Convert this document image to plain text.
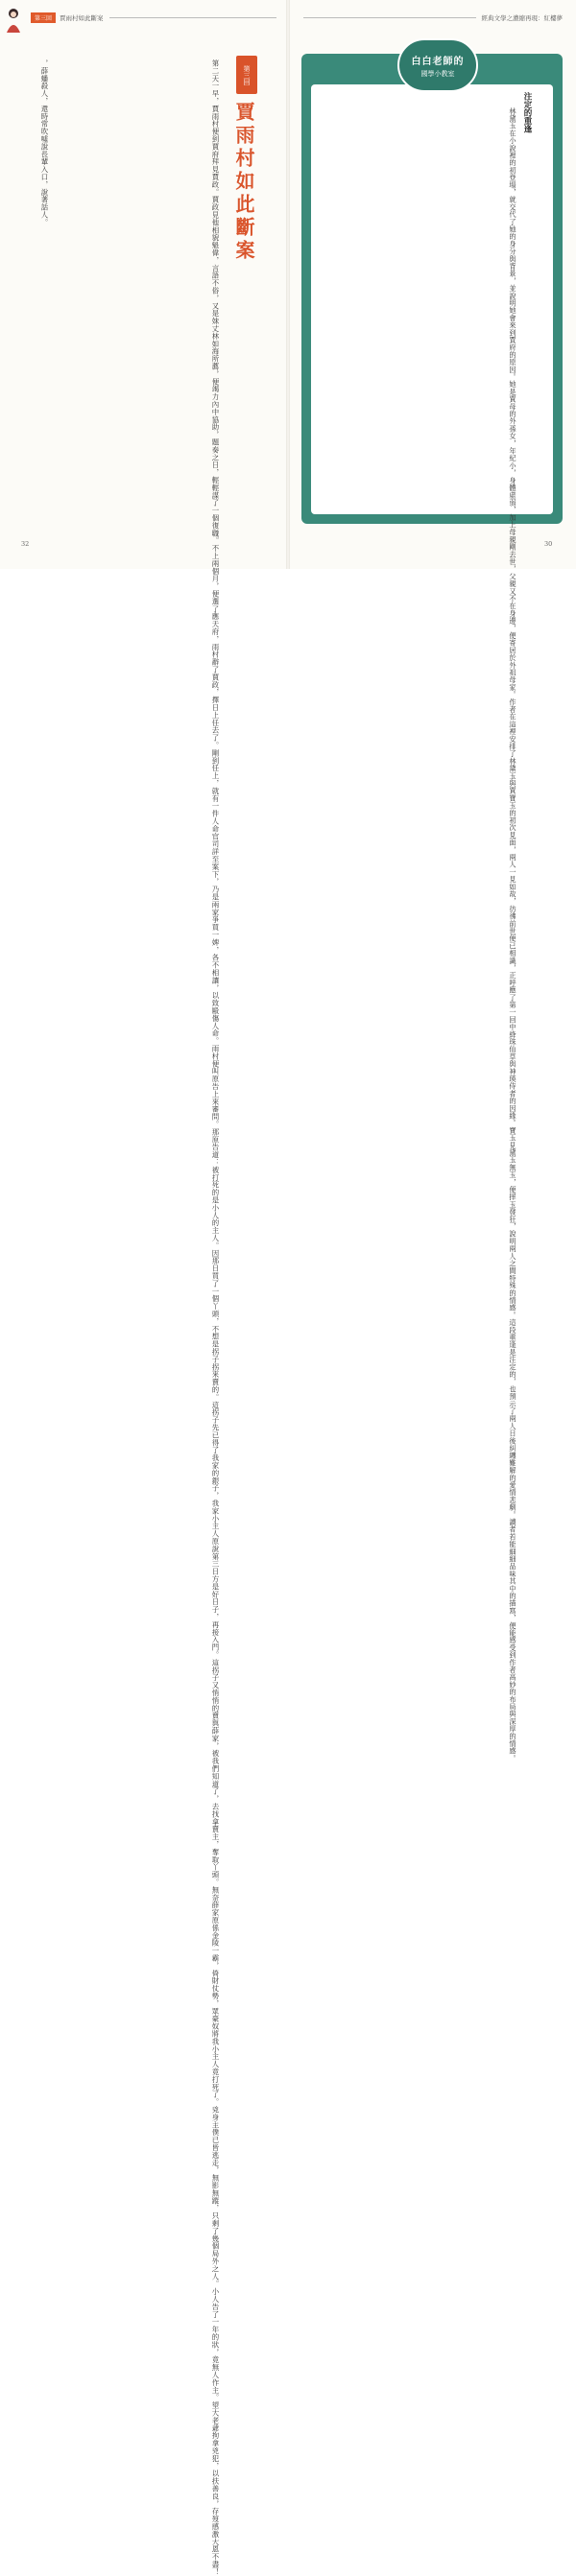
第三回	賈雨村如此斷案	經典文學之濃縮再現：紅樓夢
第二天一早，賈雨村便到賈府拜見賈政。賈政見他相貌魁偉，言語不俗，又是妹丈林如海所薦，便竭力內中協助，題奏之日，輕輕謀了一個復職。不上兩個月，便選了應天府，雨村辭了賈政，擇日上任去了。剛到任上，就有一件人命官司詳至案下，乃是兩家爭買一婢，各不相讓，以致毆傷人命。雨村便叫原告上來審問。那原告道：被打死的是小人的主人。因那日買了一個丫頭，不想是拐子拐來賣的。這拐子先已得了我家的銀子，我家小主人原說第三日方是好日子，再接入門。這拐子又悄悄的賣與薛家，被我們知道了，去找拿賣主，奪取丫頭。無奈薛家原係金陵一霸，倚財仗勢，眾豪奴將我小主人竟打死了。兇身主僕已皆逃走，無影無蹤，只剩了幾個局外之人。小人告了一年的狀，竟無人作主。望大老爺拘拿兇犯，以扶善良，存歿感激大恩不盡！
，薛蟠殺人，還時常吹噓說長輩入口，說著話人。	第三回
賈雨村如此斷案
32
白白老師的
國學小教室
注定的重逢
林黛玉在小說裡的初登場，就交代了她的身分與背景，並說明她會來到賈府的原因。她是賈母的外孫女，年紀小，身體虛弱，加上母親剛去世，父親又不在身邊，便寄居於外祖母家。作者在這裡安排了林黛玉與賈寶玉的初次見面，兩人一見如故，彷彿前世便已相識，正呼應了第一回中絳珠仙草與神瑛侍者的因緣。寶玉見黛玉無玉，便摔玉發狂，說明兩人之間特殊的情感。這段重逢是注定的，也預示了兩人日後糾纏難解的愛情悲劇。讀者若能細細品味其中的描寫，便能感受到作者高妙的布局與深厚的情感。	30
